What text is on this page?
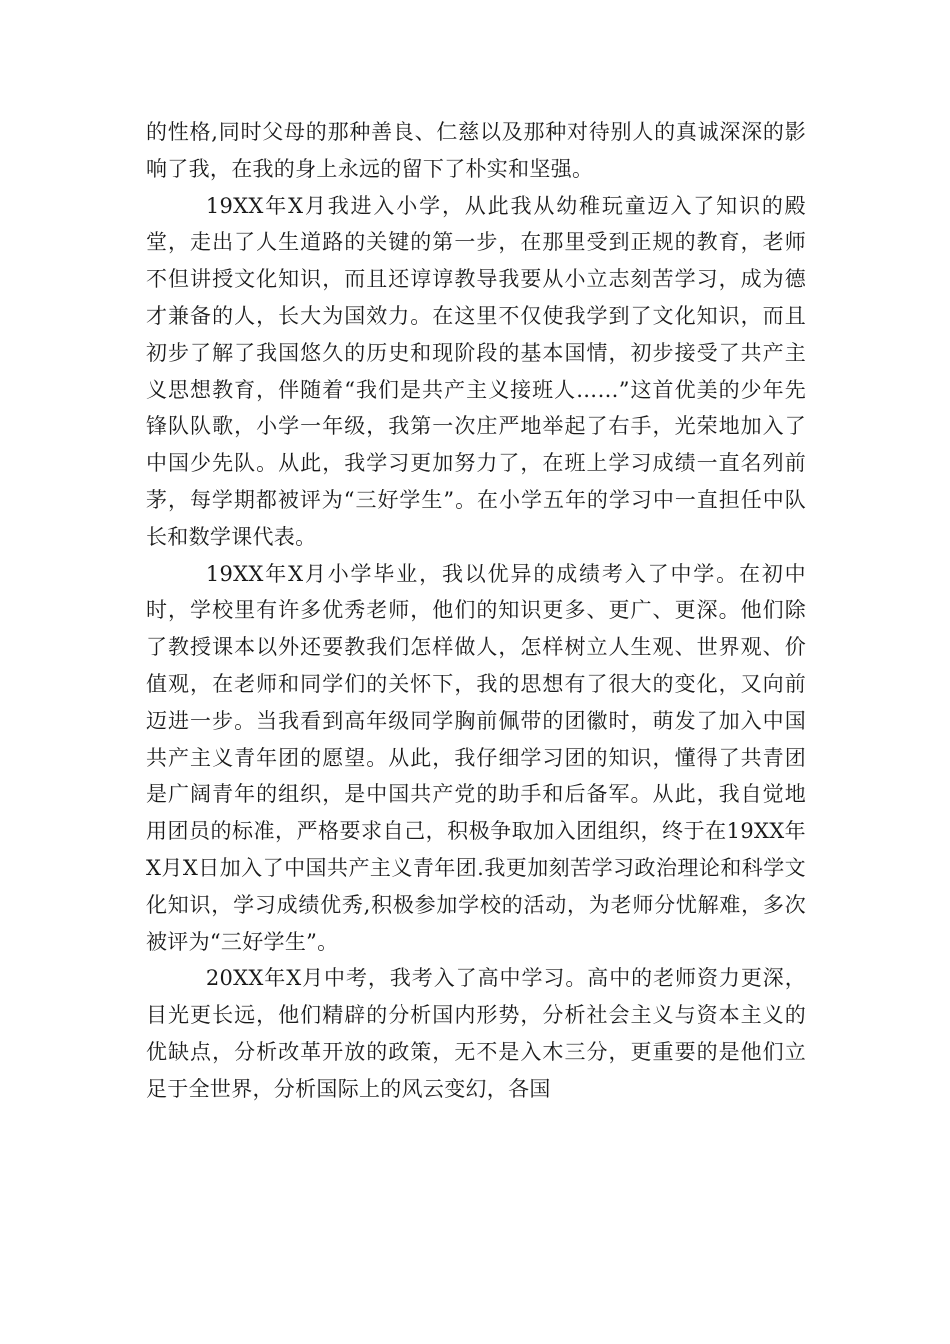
的性格,同时父母的那种善良、仁慈以及那种对待别人的真诚深深的影响了我，在我的身上永远的留下了朴实和坚强。

19XX年X月我进入小学，从此我从幼稚玩童迈入了知识的殿堂，走出了人生道路的关键的第一步，在那里受到正规的教育，老师不但讲授文化知识，而且还谆谆教导我要从小立志刻苦学习，成为德才兼备的人，长大为国效力。在这里不仅使我学到了文化知识，而且初步了解了我国悠久的历史和现阶段的基本国情，初步接受了共产主义思想教育，伴随着“我们是共产主义接班人……”这首优美的少年先锋队队歌，小学一年级，我第一次庄严地举起了右手，光荣地加入了中国少先队。从此，我学习更加努力了，在班上学习成绩一直名列前茅，每学期都被评为“三好学生”。在小学五年的学习中一直担任中队长和数学课代表。

19XX年X月小学毕业，我以优异的成绩考入了中学。在初中时，学校里有许多优秀老师，他们的知识更多、更广、更深。他们除了教授课本以外还要教我们怎样做人，怎样树立人生观、世界观、价值观，在老师和同学们的关怀下，我的思想有了很大的变化，又向前迈进一步。当我看到高年级同学胸前佩带的团徽时，萌发了加入中国共产主义青年团的愿望。从此，我仔细学习团的知识，懂得了共青团是广阔青年的组织，是中国共产党的助手和后备军。从此，我自觉地用团员的标准，严格要求自己，积极争取加入团组织，终于在19XX年X月X日加入了中国共产主义青年团.我更加刻苦学习政治理论和科学文化知识，学习成绩优秀,积极参加学校的活动，为老师分忧解难，多次被评为“三好学生”。

20XX年X月中考，我考入了高中学习。高中的老师资力更深，目光更长远，他们精辟的分析国内形势，分析社会主义与资本主义的优缺点，分析改革开放的政策，无不是入木三分，更重要的是他们立足于全世界，分析国际上的风云变幻，各国
